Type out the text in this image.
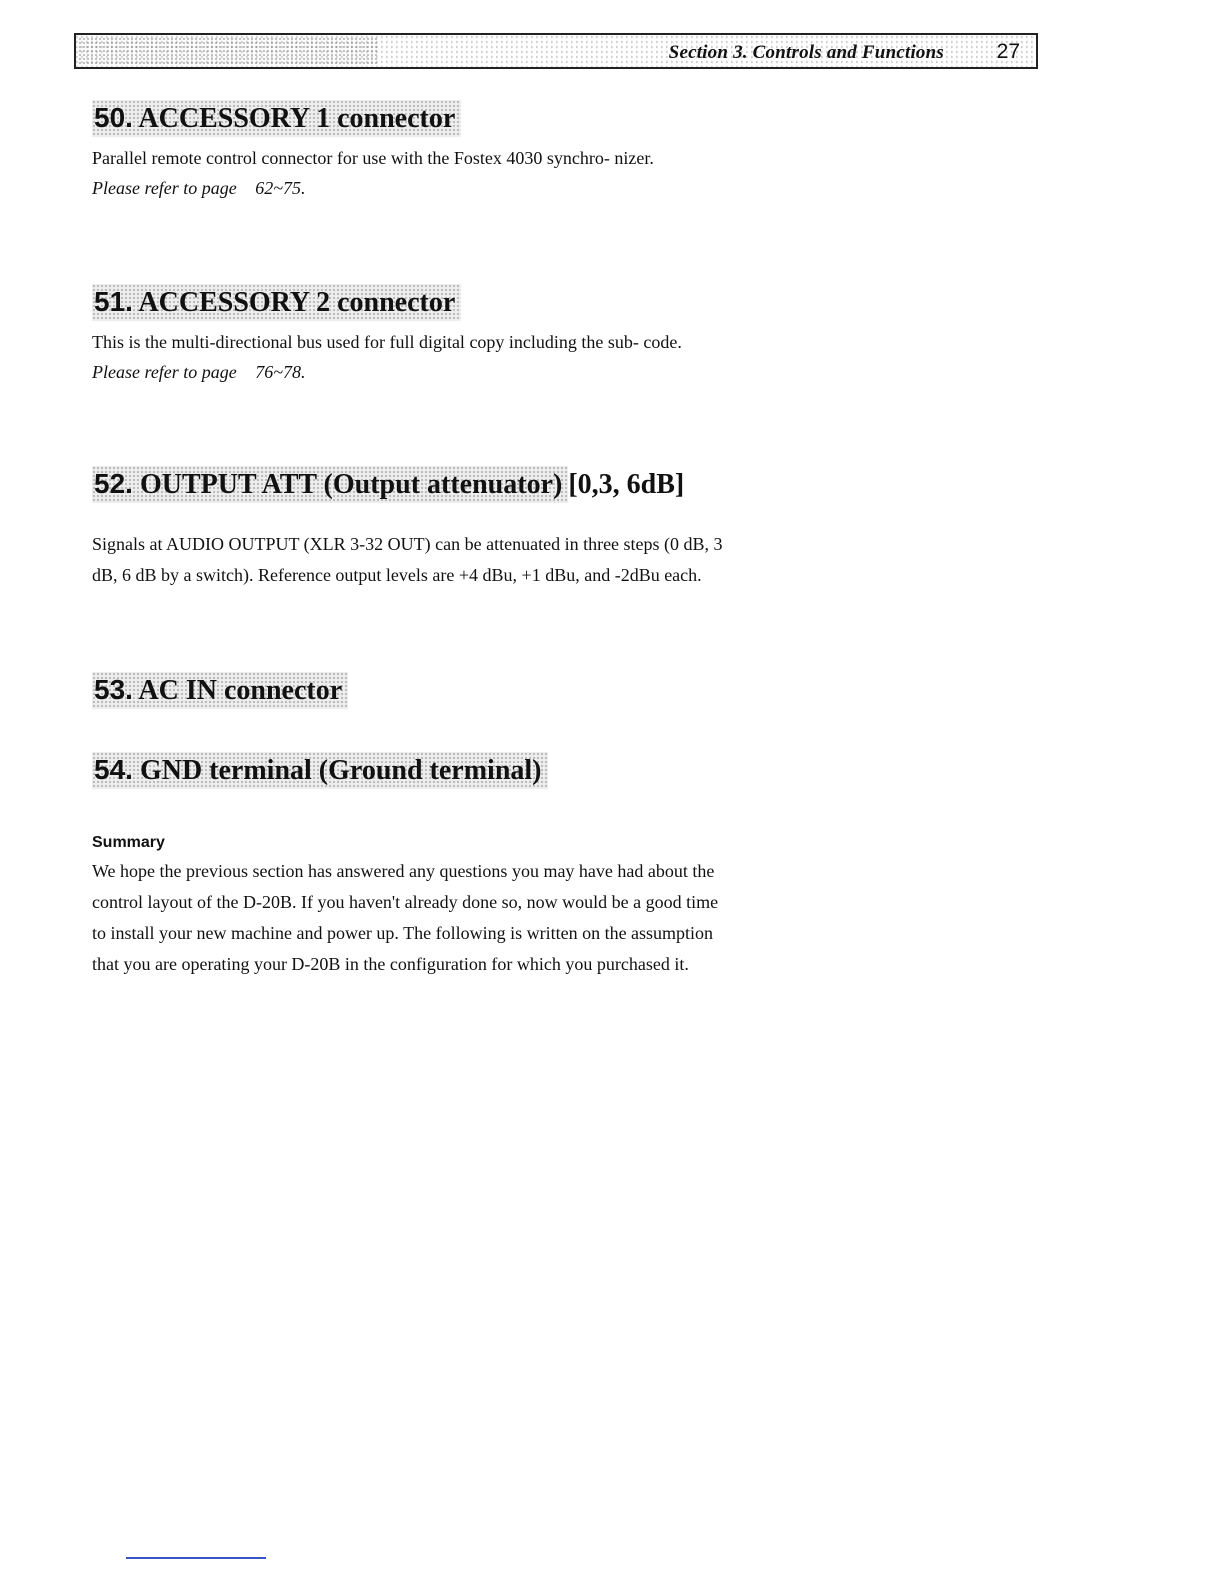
Section 3. Controls and Functions	27
50. ACCESSORY 1 connector

Parallel remote control connector for use with the Fostex 4030 synchro- nizer.

Please refer to page 62~75.

51. ACCESSORY 2 connector

This is the multi-directional bus used for full digital copy including the sub- code.

Please refer to page 76~78.

52. OUTPUT ATT (Output attenuator) [0,3, 6dB]

Signals at AUDIO OUTPUT (XLR 3-32 OUT) can be attenuated in three steps (0 dB, 3 dB, 6 dB by a switch). Reference output levels are +4 dBu, +1 dBu, and -2dBu each.

53. AC IN connector
54. GND terminal (Ground terminal)

Summary

We hope the previous section has answered any questions you may have had about the control layout of the D-20B. If you haven't already done so, now would be a good time to install your new machine and power up. The following is written on the assumption that you are operating your D-20B in the configuration for which you purchased it.
